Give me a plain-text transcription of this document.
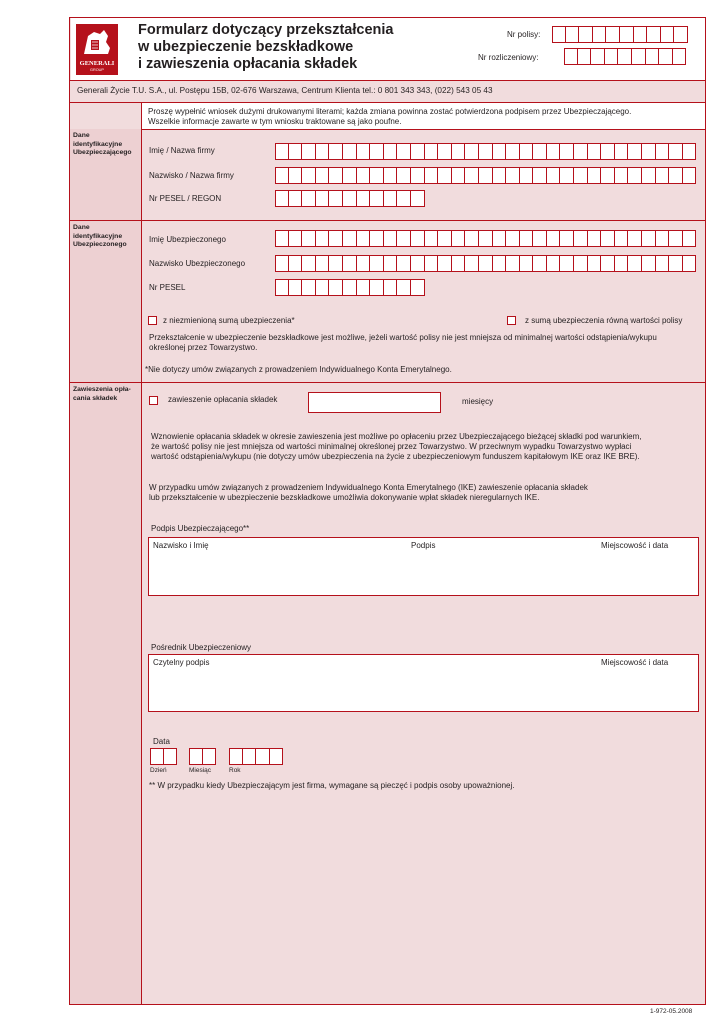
GENERALI
GROUP
Formularz dotyczący przekształcenia
w ubezpieczenie bezskładkowe
i zawieszenia opłacania składek
Nr polisy:
Nr rozliczeniowy:
Generali Życie T.U. S.A., ul. Postępu 15B, 02-676 Warszawa, Centrum Klienta tel.: 0 801 343 343, (022) 543 05 43
Proszę wypełnić wniosek dużymi drukowanymi literami; każda zmiana powinna zostać potwierdzona podpisem przez Ubezpieczającego.
Wszelkie informacje zawarte w tym wniosku traktowane są jako poufne.
Dane
identyfikacyjne
Ubezpieczającego Imię / Nazwa firmy
Nazwisko / Nazwa firmy
Nr PESEL / REGON
Dane
identyfikacyjne
Ubezpieczonego
Imię Ubezpieczonego
Nazwisko Ubezpieczonego
Nr PESEL
z niezmienioną sumą ubezpieczenia*	z sumą ubezpieczenia równą wartości polisy
Przekształcenie w ubezpieczenie bezskładkowe jest możliwe, jeżeli wartość polisy nie jest mniejsza od minimalnej wartości odstąpienia/wykupu
określonej przez Towarzystwo.
*Nie dotyczy umów związanych z prowadzeniem Indywidualnego Konta Emerytalnego.
Zawieszenia opła-
cania składek	zawieszenie opłacania składek	miesięcy
Wznowienie opłacania składek w okresie zawieszenia jest możliwe po opłaceniu przez Ubezpieczającego bieżącej składki pod warunkiem,
że wartość polisy nie jest mniejsza od wartości minimalnej określonej przez Towarzystwo. W przeciwnym wypadku Towarzystwo wypłaci
wartość odstąpienia/wykupu (nie dotyczy umów ubezpieczenia na życie z ubezpieczeniowym funduszem kapitałowym IKE oraz IKE BRE).
W przypadku umów związanych z prowadzeniem Indywidualnego Konta Emerytalnego (IKE) zawieszenie opłacania składek
lub przekształcenie w ubezpieczenie bezskładkowe umożliwia dokonywanie wpłat składek nieregularnych IKE.
Podpis Ubezpieczającego**
Nazwisko i Imię	Podpis	Miejscowość i data
Pośrednik Ubezpieczeniowy
Czytelny podpis	Miejscowość i data
Data
Dzień	Miesiąc	Rok
** W przypadku kiedy Ubezpieczającym jest firma, wymagane są pieczęć i podpis osoby upoważnionej.
1-972-05.2008
